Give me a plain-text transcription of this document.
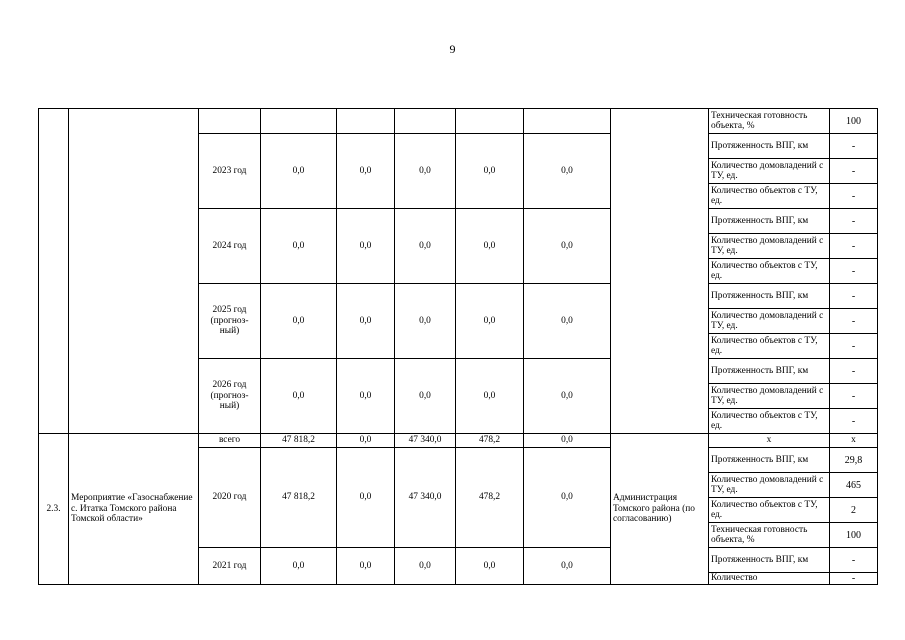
9
									Техническая готовность объекта, %	100
		2023 год	0,0	0,0	0,0	0,0	0,0		Протяженность ВПГ, км	-
									Количество домовладений с ТУ, ед.	-
									Количество объектов с ТУ, ед.	-
		2024 год	0,0	0,0	0,0	0,0	0,0		Протяженность ВПГ, км	-
									Количество домовладений с ТУ, ед.	-
									Количество объектов с ТУ, ед.	-
		2025 год (прогноз-ный)	0,0	0,0	0,0	0,0	0,0		Протяженность ВПГ, км	-
									Количество домовладений с ТУ, ед.	-
									Количество объектов с ТУ, ед.	-
		2026 год (прогноз-ный)	0,0	0,0	0,0	0,0	0,0		Протяженность ВПГ, км	-
									Количество домовладений с ТУ, ед.	-
									Количество объектов с ТУ, ед.	-
2.3.	Мероприятие «Газоснабжение с. Итатка Томского района Томской области»	всего	47 818,2	0,0	47 340,0	478,2	0,0	Администрация Томского района (по согласованию)	x	x
		2020 год	47 818,2	0,0	47 340,0	478,2	0,0		Протяженность ВПГ, км	29,8
									Количество домовладений с ТУ, ед.	465
									Количество объектов с ТУ, ед.	2
									Техническая готовность объекта, %	100
		2021 год	0,0	0,0	0,0	0,0	0,0		Протяженность ВПГ, км	-
									Количество	-
